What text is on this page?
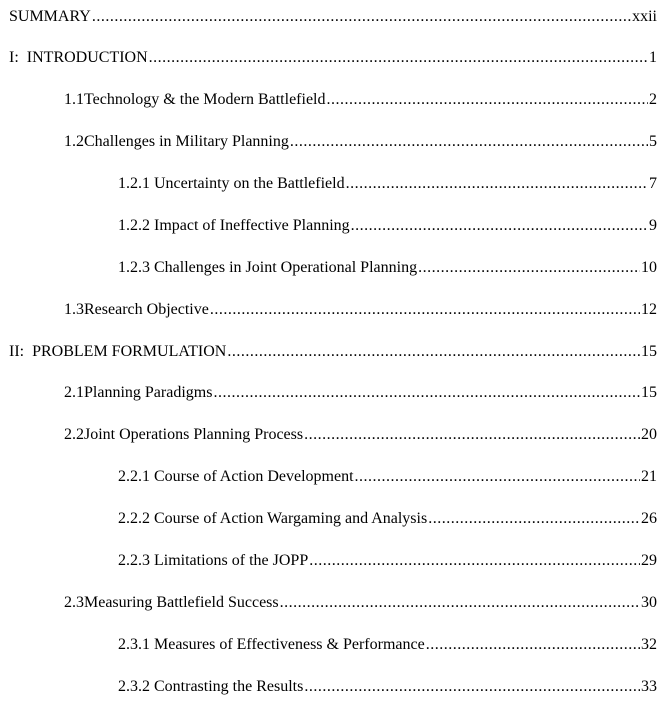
SUMMARY .....	xxii
I: INTRODUCTION .....	1
1.1 Technology & the Modern Battlefield .....	2
1.2 Challenges in Military Planning .....	5
1.2.1 Uncertainty on the Battlefield .....	7
1.2.2 Impact of Ineffective Planning .....	9
1.2.3 Challenges in Joint Operational Planning .....	10
1.3 Research Objective .....	12
II: PROBLEM FORMULATION .....	15
2.1 Planning Paradigms .....	15
2.2 Joint Operations Planning Process .....	20
2.2.1 Course of Action Development .....	21
2.2.2 Course of Action Wargaming and Analysis .....	26
2.2.3 Limitations of the JOPP .....	29
2.3 Measuring Battlefield Success .....	30
2.3.1 Measures of Effectiveness & Performance .....	32
2.3.2 Contrasting the Results .....	33
